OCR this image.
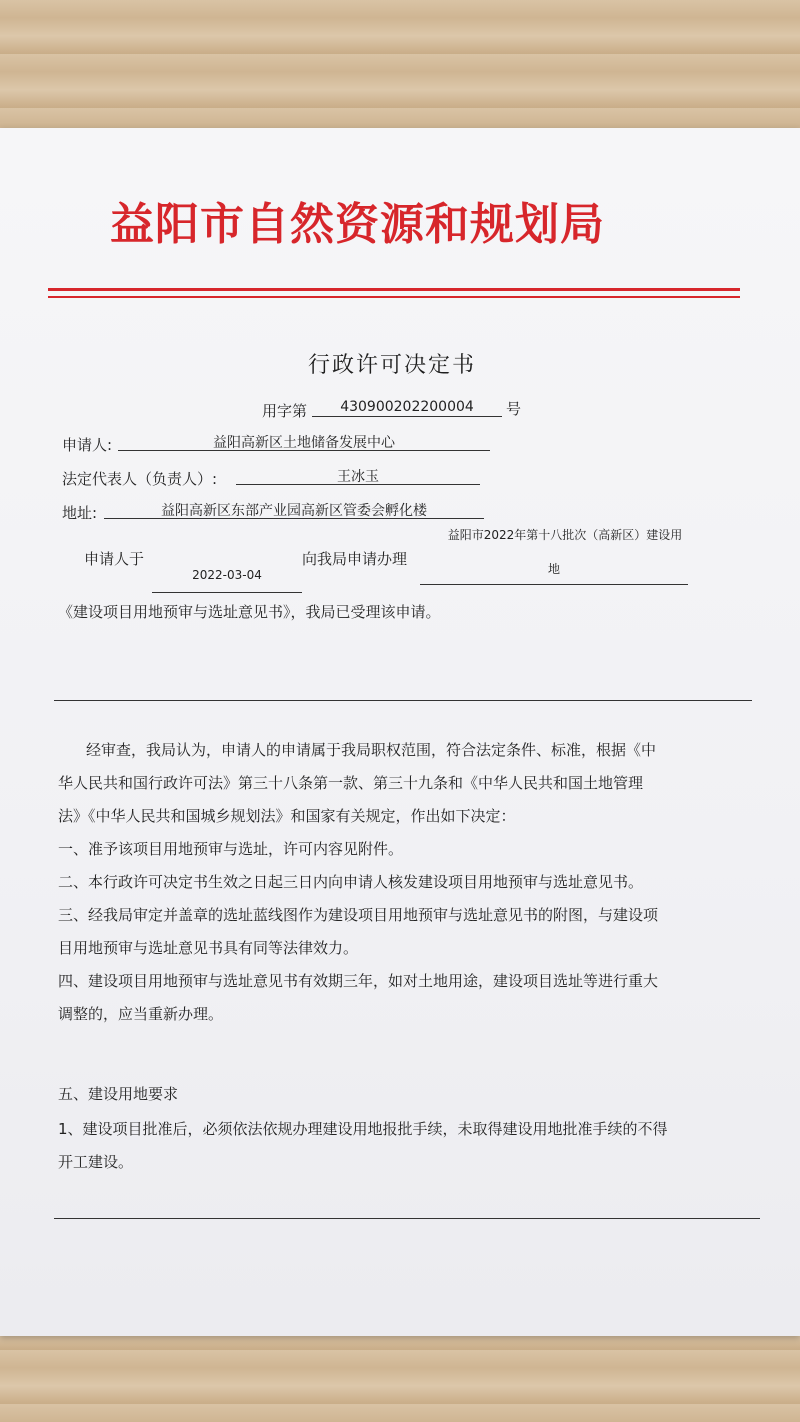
益阳市自然资源和规划局
行政许可决定书
用字第	430900202200004	号
申请人:	益阳高新区土地储备发展中心
法定代表人（负责人）:	王冰玉
地址:	益阳高新区东部产业园高新区管委会孵化楼
申请人于
2022-03-04
向我局申请办理
益阳市2022年第十八批次（高新区）建设用
地
《建设项目用地预审与选址意见书》，我局已受理该申请。
经审查，我局认为，申请人的申请属于我局职权范围，符合法定条件、标准，根据《中
华人民共和国行政许可法》第三十八条第一款、第三十九条和《中华人民共和国土地管理
法》《中华人民共和国城乡规划法》和国家有关规定，作出如下决定：
一、准予该项目用地预审与选址，许可内容见附件。
二、本行政许可决定书生效之日起三日内向申请人核发建设项目用地预审与选址意见书。
三、经我局审定并盖章的选址蓝线图作为建设项目用地预审与选址意见书的附图，与建设项
目用地预审与选址意见书具有同等法律效力。
四、建设项目用地预审与选址意见书有效期三年，如对土地用途，建设项目选址等进行重大
调整的，应当重新办理。
五、建设用地要求
1、建设项目批准后，必须依法依规办理建设用地报批手续，未取得建设用地批准手续的不得
开工建设。
